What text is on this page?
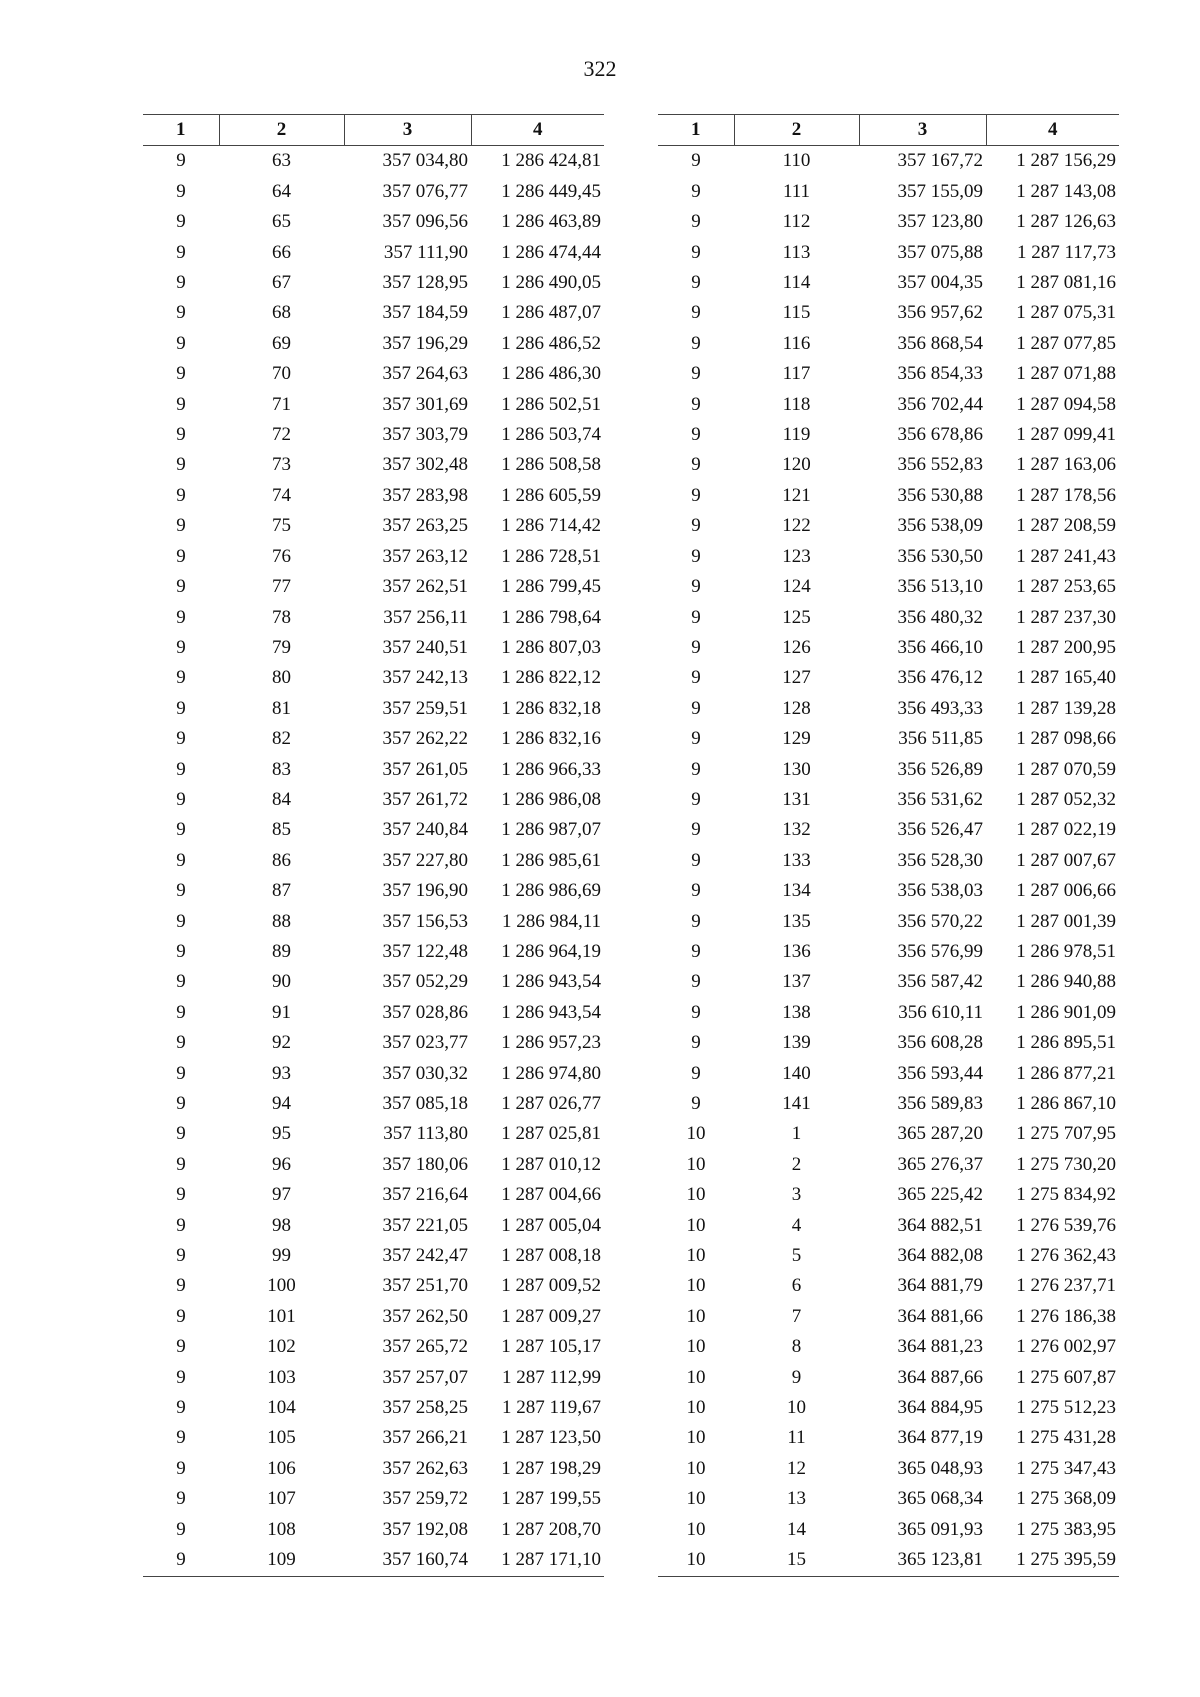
322
1	2	3	4
9	63	357 034,80	1 286 424,81
9	64	357 076,77	1 286 449,45
9	65	357 096,56	1 286 463,89
9	66	357 111,90	1 286 474,44
9	67	357 128,95	1 286 490,05
9	68	357 184,59	1 286 487,07
9	69	357 196,29	1 286 486,52
9	70	357 264,63	1 286 486,30
9	71	357 301,69	1 286 502,51
9	72	357 303,79	1 286 503,74
9	73	357 302,48	1 286 508,58
9	74	357 283,98	1 286 605,59
9	75	357 263,25	1 286 714,42
9	76	357 263,12	1 286 728,51
9	77	357 262,51	1 286 799,45
9	78	357 256,11	1 286 798,64
9	79	357 240,51	1 286 807,03
9	80	357 242,13	1 286 822,12
9	81	357 259,51	1 286 832,18
9	82	357 262,22	1 286 832,16
9	83	357 261,05	1 286 966,33
9	84	357 261,72	1 286 986,08
9	85	357 240,84	1 286 987,07
9	86	357 227,80	1 286 985,61
9	87	357 196,90	1 286 986,69
9	88	357 156,53	1 286 984,11
9	89	357 122,48	1 286 964,19
9	90	357 052,29	1 286 943,54
9	91	357 028,86	1 286 943,54
9	92	357 023,77	1 286 957,23
9	93	357 030,32	1 286 974,80
9	94	357 085,18	1 287 026,77
9	95	357 113,80	1 287 025,81
9	96	357 180,06	1 287 010,12
9	97	357 216,64	1 287 004,66
9	98	357 221,05	1 287 005,04
9	99	357 242,47	1 287 008,18
9	100	357 251,70	1 287 009,52
9	101	357 262,50	1 287 009,27
9	102	357 265,72	1 287 105,17
9	103	357 257,07	1 287 112,99
9	104	357 258,25	1 287 119,67
9	105	357 266,21	1 287 123,50
9	106	357 262,63	1 287 198,29
9	107	357 259,72	1 287 199,55
9	108	357 192,08	1 287 208,70
9	109	357 160,74	1 287 171,10
1	2	3	4
9	110	357 167,72	1 287 156,29
9	111	357 155,09	1 287 143,08
9	112	357 123,80	1 287 126,63
9	113	357 075,88	1 287 117,73
9	114	357 004,35	1 287 081,16
9	115	356 957,62	1 287 075,31
9	116	356 868,54	1 287 077,85
9	117	356 854,33	1 287 071,88
9	118	356 702,44	1 287 094,58
9	119	356 678,86	1 287 099,41
9	120	356 552,83	1 287 163,06
9	121	356 530,88	1 287 178,56
9	122	356 538,09	1 287 208,59
9	123	356 530,50	1 287 241,43
9	124	356 513,10	1 287 253,65
9	125	356 480,32	1 287 237,30
9	126	356 466,10	1 287 200,95
9	127	356 476,12	1 287 165,40
9	128	356 493,33	1 287 139,28
9	129	356 511,85	1 287 098,66
9	130	356 526,89	1 287 070,59
9	131	356 531,62	1 287 052,32
9	132	356 526,47	1 287 022,19
9	133	356 528,30	1 287 007,67
9	134	356 538,03	1 287 006,66
9	135	356 570,22	1 287 001,39
9	136	356 576,99	1 286 978,51
9	137	356 587,42	1 286 940,88
9	138	356 610,11	1 286 901,09
9	139	356 608,28	1 286 895,51
9	140	356 593,44	1 286 877,21
9	141	356 589,83	1 286 867,10
10	1	365 287,20	1 275 707,95
10	2	365 276,37	1 275 730,20
10	3	365 225,42	1 275 834,92
10	4	364 882,51	1 276 539,76
10	5	364 882,08	1 276 362,43
10	6	364 881,79	1 276 237,71
10	7	364 881,66	1 276 186,38
10	8	364 881,23	1 276 002,97
10	9	364 887,66	1 275 607,87
10	10	364 884,95	1 275 512,23
10	11	364 877,19	1 275 431,28
10	12	365 048,93	1 275 347,43
10	13	365 068,34	1 275 368,09
10	14	365 091,93	1 275 383,95
10	15	365 123,81	1 275 395,59
